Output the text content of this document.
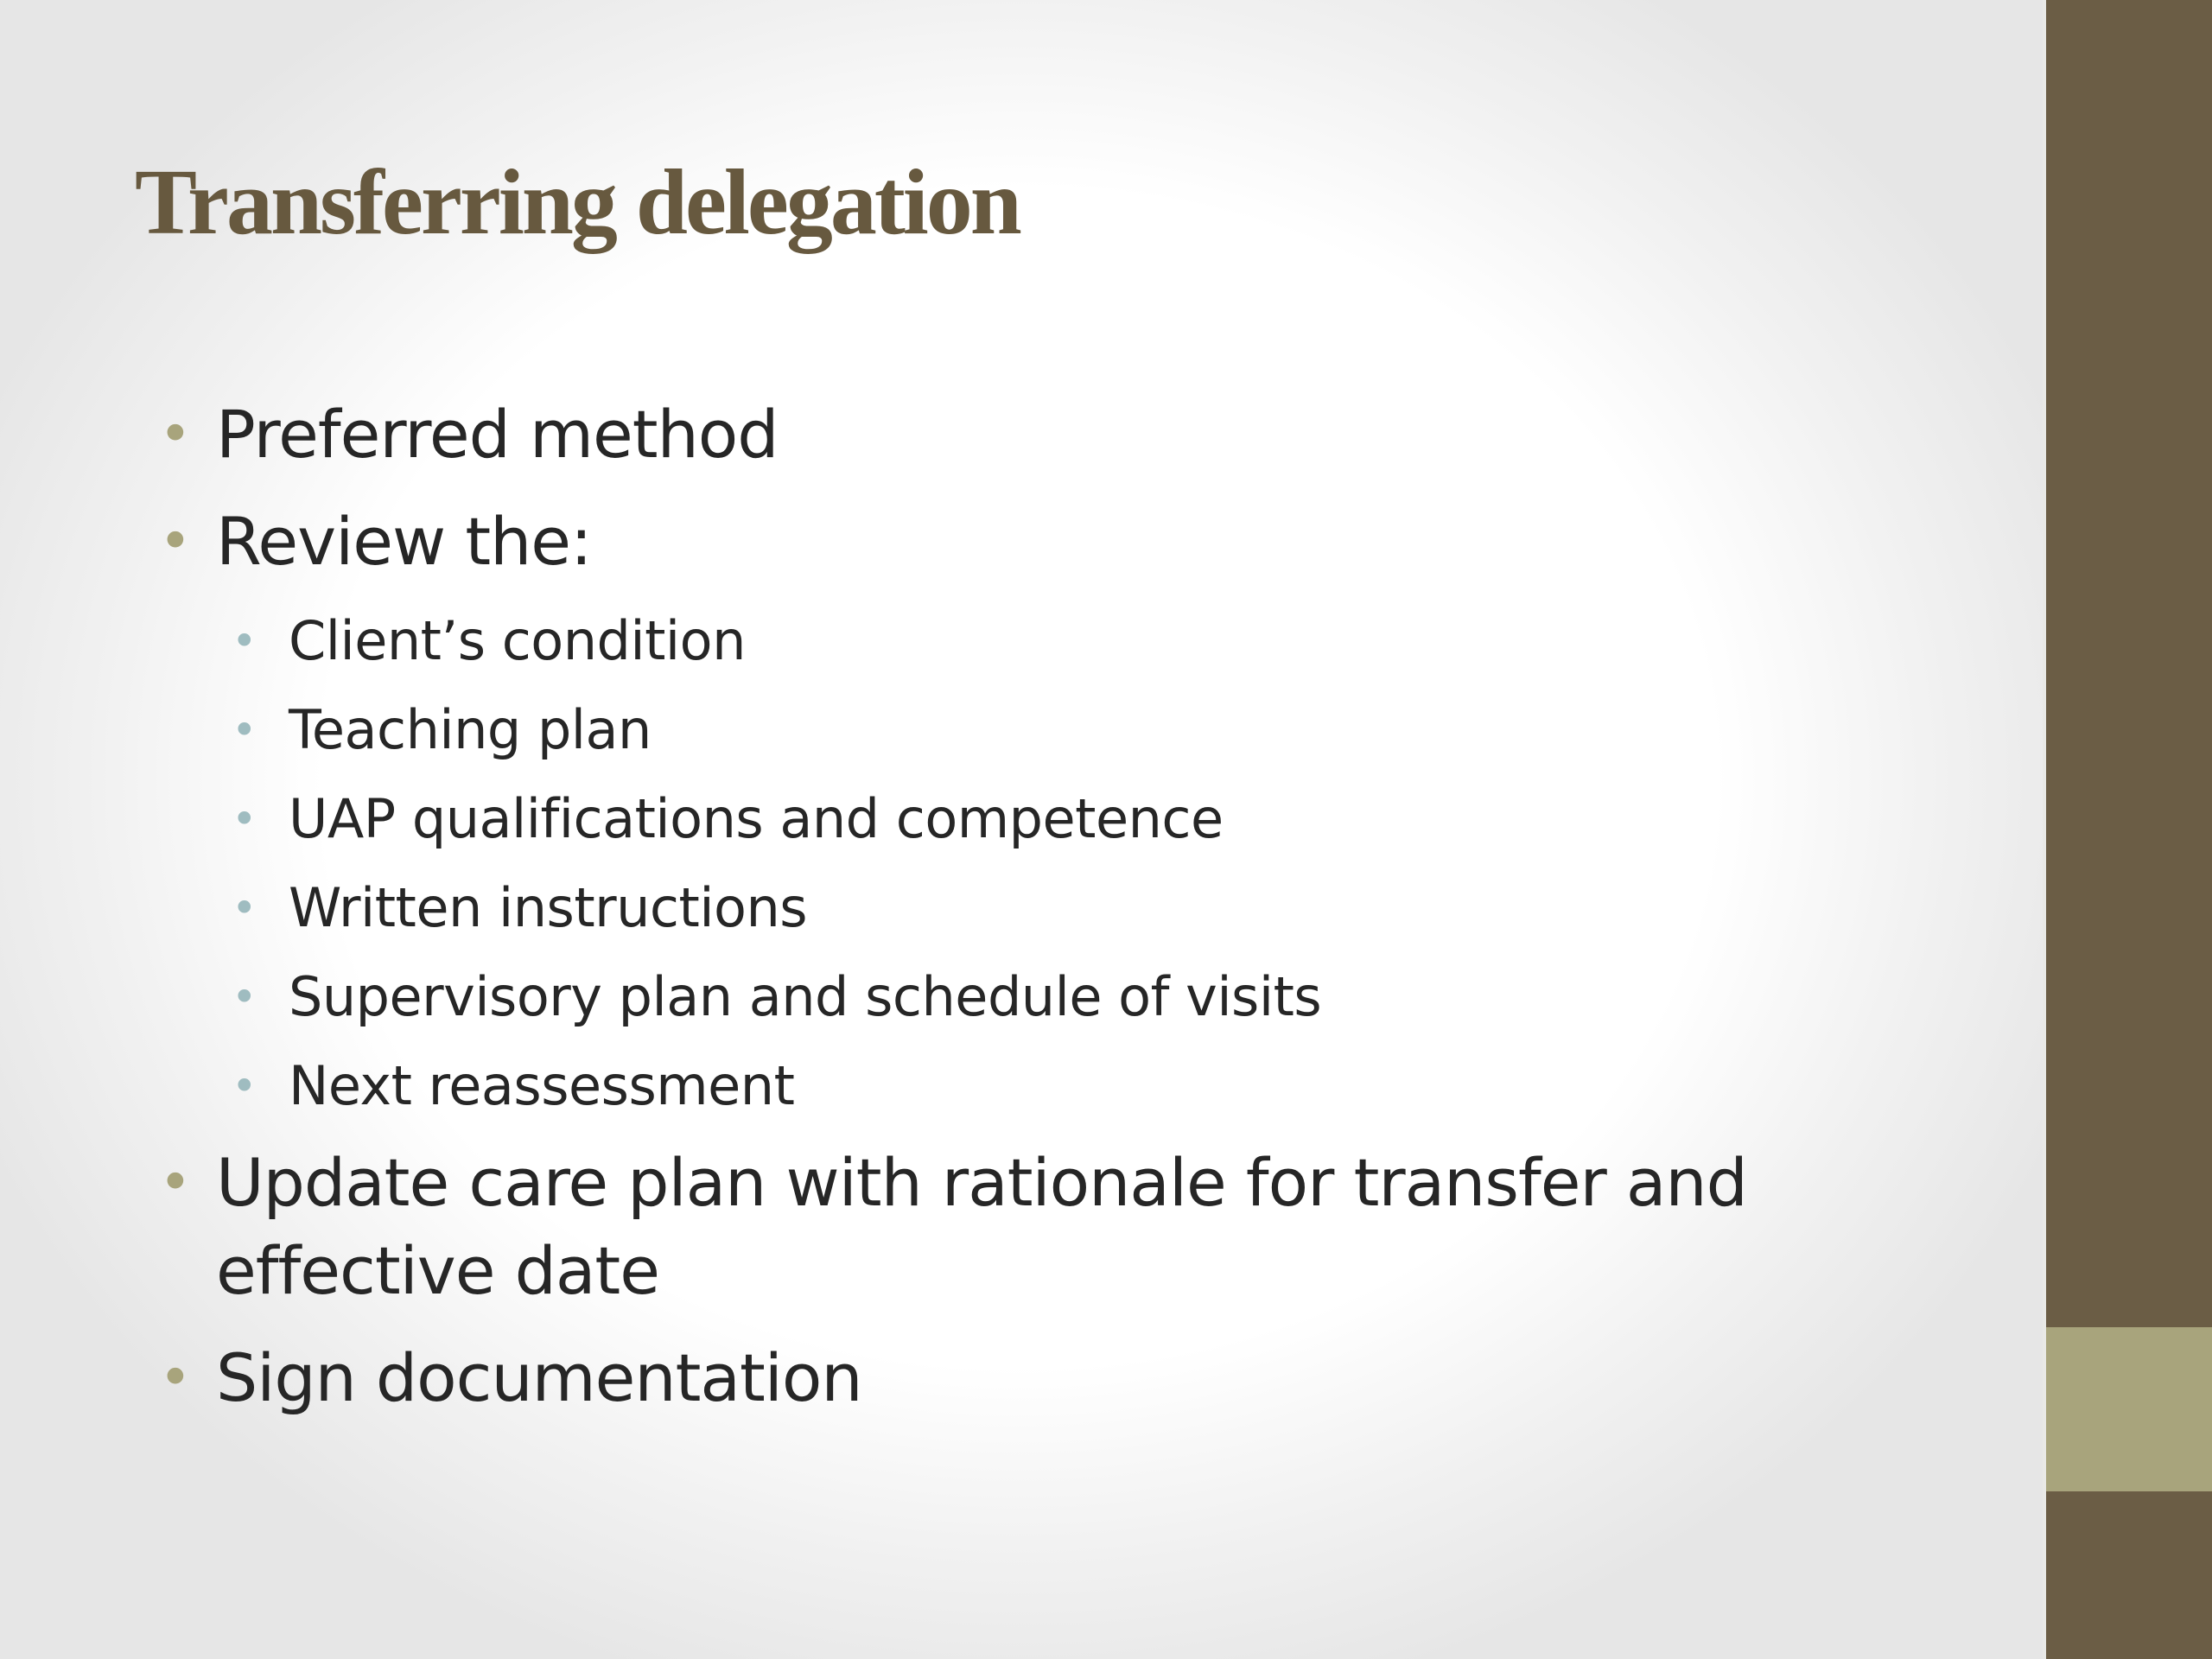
Transferring delegation
• Preferred method
• Review the:
• Client’s condition
• Teaching plan
• UAP qualifications and competence
• Written instructions
• Supervisory plan and schedule of visits
• Next reassessment
• Update care plan with rationale for transfer and effective date
• Sign documentation
